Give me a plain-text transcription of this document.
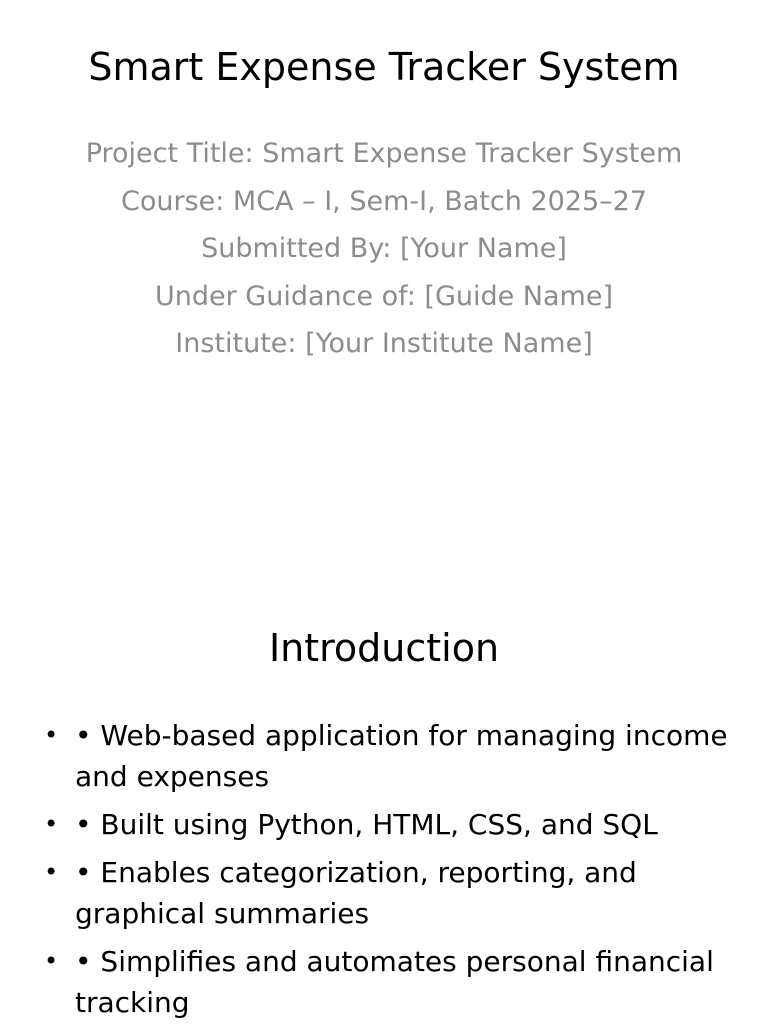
Smart Expense Tracker System
Project Title: Smart Expense Tracker System
Course: MCA – I, Sem-I, Batch 2025–27
Submitted By: [Your Name]
Under Guidance of: [Guide Name]
Institute: [Your Institute Name]
Introduction
• • Web-based application for managing income and expenses
• • Built using Python, HTML, CSS, and SQL
• • Enables categorization, reporting, and graphical summaries
• • Simplifies and automates personal financial tracking
